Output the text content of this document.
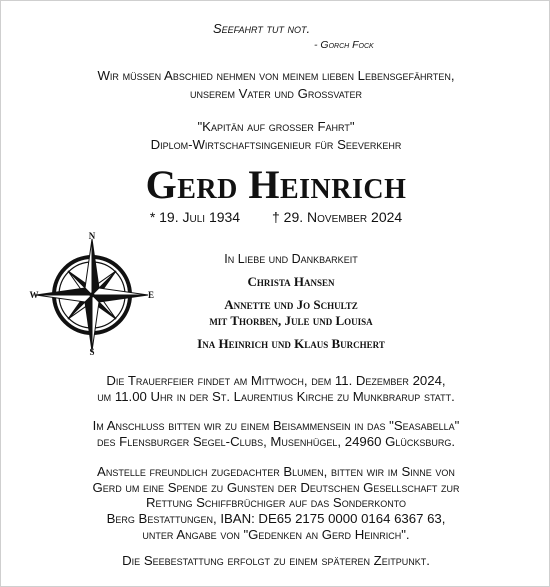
Seefahrt tut not.
- Gorch Fock
Wir müssen Abschied nehmen von meinem lieben Lebensgefährten,
unserem Vater und Grossvater
"Kapitän auf grosser Fahrt"
Diplom-Wirtschaftsingenieur für Seeverkehr
Gerd Heinrich
* 19. Juli 1934 † 29. November 2024
N
S
E
W
In Liebe und Dankbarkeit
Christa Hansen
Annette und Jo Schultz
mit Thorben, Jule und Louisa
Ina Heinrich und Klaus Burchert
Die Trauerfeier findet am Mittwoch, dem 11. Dezember 2024,
um 11.00 Uhr in der St. Laurentius Kirche zu Munkbrarup statt.
Im Anschluss bitten wir zu einem Beisammensein in das "Seasabella"
des Flensburger Segel-Clubs, Musenhügel, 24960 Glücksburg.
Anstelle freundlich zugedachter Blumen, bitten wir im Sinne von
Gerd um eine Spende zu Gunsten der Deutschen Gesellschaft zur
Rettung Schiffbrüchiger auf das Sonderkonto
Berg Bestattungen, IBAN: DE65 2175 0000 0164 6367 63,
unter Angabe von "Gedenken an Gerd Heinrich".
Die Seebestattung erfolgt zu einem späteren Zeitpunkt.
